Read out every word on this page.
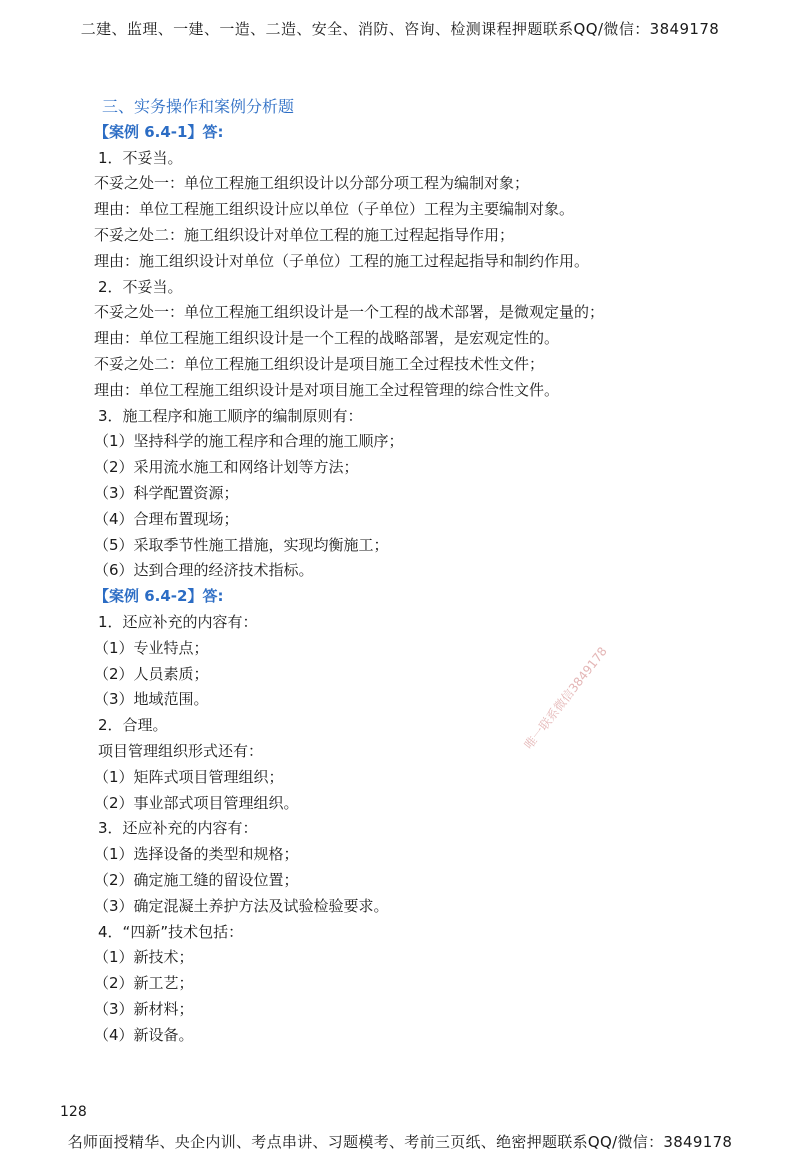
二建、监理、一建、一造、二造、安全、消防、咨询、检测课程押题联系QQ/微信：3849178
三、实务操作和案例分析题
【案例 6.4-1】答:
1．不妥当。
不妥之处一：单位工程施工组织设计以分部分项工程为编制对象；
理由：单位工程施工组织设计应以单位（子单位）工程为主要编制对象。
不妥之处二：施工组织设计对单位工程的施工过程起指导作用；
理由：施工组织设计对单位（子单位）工程的施工过程起指导和制约作用。
2．不妥当。
不妥之处一：单位工程施工组织设计是一个工程的战术部署，是微观定量的；
理由：单位工程施工组织设计是一个工程的战略部署，是宏观定性的。
不妥之处二：单位工程施工组织设计是项目施工全过程技术性文件；
理由：单位工程施工组织设计是对项目施工全过程管理的综合性文件。
3．施工程序和施工顺序的编制原则有：
（1）坚持科学的施工程序和合理的施工顺序；
（2）采用流水施工和网络计划等方法；
（3）科学配置资源；
（4）合理布置现场；
（5）采取季节性施工措施，实现均衡施工；
（6）达到合理的经济技术指标。
【案例 6.4-2】答:
1．还应补充的内容有：
（1）专业特点；
（2）人员素质；
（3）地域范围。
2．合理。
项目管理组织形式还有：
（1）矩阵式项目管理组织；
（2）事业部式项目管理组织。
3．还应补充的内容有：
（1）选择设备的类型和规格；
（2）确定施工缝的留设位置；
（3）确定混凝土养护方法及试验检验要求。
4．“四新”技术包括：
（1）新技术；
（2）新工艺；
（3）新材料；
（4）新设备。
唯一联系微信3849178
128
名师面授精华、央企内训、考点串讲、习题模考、考前三页纸、绝密押题联系QQ/微信：3849178
